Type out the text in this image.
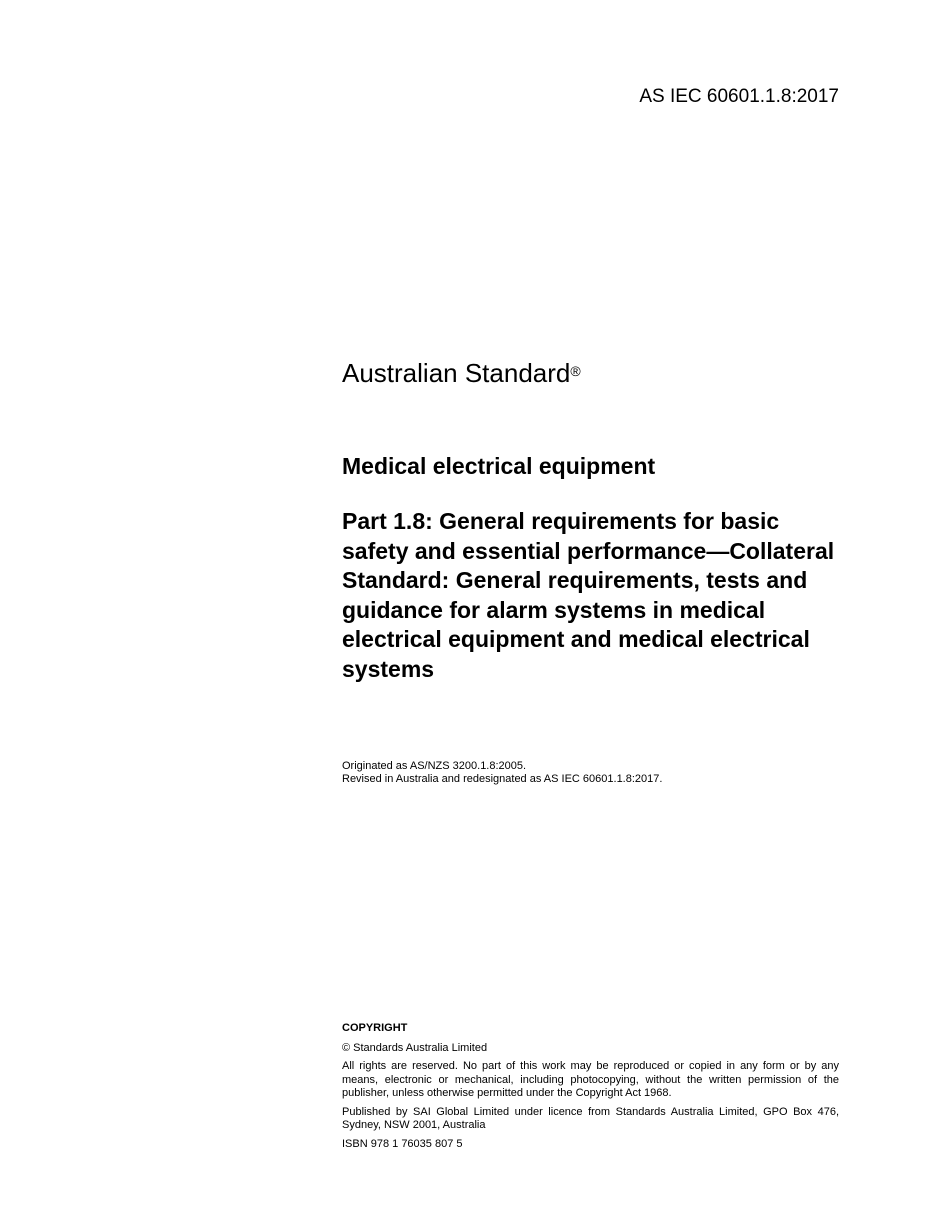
AS IEC 60601.1.8:2017
Australian Standard®
Medical electrical equipment
Part 1.8: General requirements for basic safety and essential performance—Collateral Standard: General requirements, tests and guidance for alarm systems in medical electrical equipment and medical electrical systems
Originated as AS/NZS 3200.1.8:2005.
Revised in Australia and redesignated as AS IEC 60601.1.8:2017.
COPYRIGHT

© Standards Australia Limited

All rights are reserved. No part of this work may be reproduced or copied in any form or by any means, electronic or mechanical, including photocopying, without the written permission of the publisher, unless otherwise permitted under the Copyright Act 1968.

Published by SAI Global Limited under licence from Standards Australia Limited, GPO Box 476, Sydney, NSW 2001, Australia

ISBN 978 1 76035 807 5
